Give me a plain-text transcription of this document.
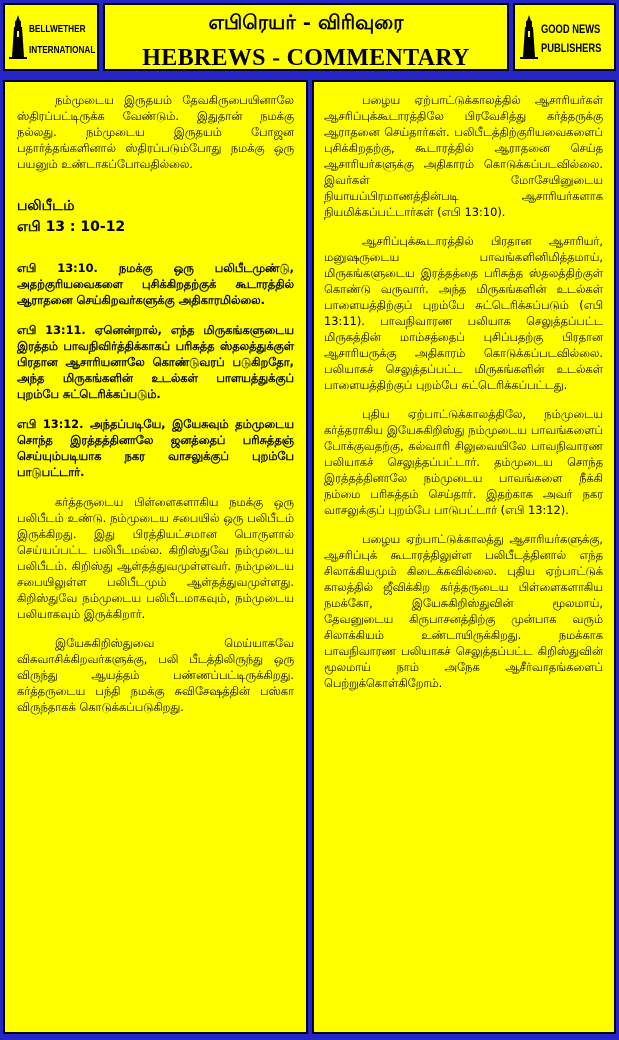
BELLWETHER
INTERNATIONAL
எபிரெயர் - விரிவுரை
HEBREWS - COMMENTARY
GOOD NEWS
PUBLISHERS

நம்முடைய இருதயம் தேவகிருபையினாலே ஸ்திரப்பட்டிருக்க வேண்டும். இதுதான் நமக்கு நல்லது. நம்முடைய இருதயம் போஜன பதார்த்தங்களினால் ஸ்திரப்படும்போது நமக்கு ஒரு பயனும் உண்டாகப்போவதில்லை.

பலிபீடம்
எபி 13 : 10-12

எபி 13:10. நமக்கு ஒரு பலிபீடமுண்டு, அதற்குரியவைகளை புசிக்கிறதற்குக் கூடாரத்தில் ஆராதனை செய்கிறவர்களுக்கு அதிகாரமில்லை.

எபி 13:11. ஏனென்றால், எந்த மிருகங்களுடைய இரத்தம் பாவநிவிர்த்திக்காகப் பரிசுத்த ஸ்தலத்துக்குள் பிரதான ஆசாரியனாலே கொண்டுவரப் படுகிறதோ, அந்த மிருகங்களின் உடல்கள் பாளயத்துக்குப் புறம்பே சுட்டெரிக்கப்படும்.

எபி 13:12. அந்தப்படியே, இயேசுவும் தம்முடைய சொந்த இரத்தத்தினாலே ஜனத்தைப் பரிசுத்தஞ் செய்யும்படியாக நகர வாசலுக்குப் புறம்பே பாடுபட்டார்.

கர்த்தருடைய பிள்ளைகளாகிய நமக்கு ஒரு பலிபீடம் உண்டு. நம்முடைய சபையில் ஒரு பலிபீடம் இருக்கிறது. இது பிரத்தியட்சமான பொருளால் செய்யப்பட்ட பலிபீடமல்ல. கிறிஸ்துவே நம்முடைய பலிபீடம். கிறிஸ்து ஆள்தத்துவமுள்ளவர். நம்முடைய சபையிலுள்ள பலிபீடமும் ஆள்தத்துவமுள்ளது. கிறிஸ்துவே நம்முடைய பலிபீடமாகவும், நம்முடைய பலியாகவும் இருக்கிறார்.

இயேசுகிறிஸ்துவை மெய்யாகவே விசுவாசிக்கிறவர்களுக்கு, பலி பீடத்திலிருந்து ஒரு விருந்து ஆயத்தம் பண்ணப்பட்டிருக்கிறது. கர்த்தருடைய பந்தி நமக்கு சுவிசேஷத்தின் பஸ்கா விருந்தாகக் கொடுக்கப்படுகிறது.

பழைய ஏற்பாட்டுக்காலத்தில் ஆசாரியர்கள் ஆசரிப்புக்கூடாரத்திலே பிரவேசித்து கர்த்தருக்கு ஆராதனை செய்தார்கள். பலிபீடத்திற்குரியவைகளைப் புசிக்கிறதற்கு, கூடாரத்தில் ஆராதனை செய்த ஆசாரியர்களுக்கு அதிகாரம் கொடுக்கப்படவில்லை. இவர்கள் மோசேயினுடைய நியாயப்பிரமாணத்தின்படி ஆசாரியர்களாக நியமிக்கப்பட்டார்கள் (எபி 13:10).

ஆசரிப்புக்கூடாரத்தில் பிரதான ஆசாரியர், மனுஷருடைய பாவங்களினிமித்தமாய், மிருகங்களுடைய இரத்தத்தை பரிசுத்த ஸ்தலத்திற்குள் கொண்டு வருவார். அந்த மிருகங்களின் உடல்கள் பாளையத்திற்குப் புறம்பே சுட்டெரிக்கப்படும் (எபி 13:11). பாவநிவாரண பலியாக செலுத்தப்பட்ட மிருகத்தின் மாம்சத்தைப் புசிப்பதற்கு பிரதான ஆசாரியருக்கு அதிகாரம் கொடுக்கப்படவில்லை. பலியாகச் செலுத்தப்பட்ட மிருகங்களின் உடல்கள் பாளையத்திற்குப் புறம்பே சுட்டெரிக்கப்பட்டது.

புதிய ஏற்பாட்டுக்காலத்திலே, நம்முடைய கர்த்தராகிய இயேசுகிறிஸ்து நம்முடைய பாவங்களைப் போக்குவதற்கு, கல்வாரி சிலுவையிலே பாவநிவாரண பலியாகச் செலுத்தப்பட்டார். தம்முடைய சொந்த இரத்தத்தினாலே நம்முடைய பாவங்களை நீக்கி நம்மை பரிசுத்தம் செய்தார். இதற்காக அவர் நகர வாசலுக்குப் புறம்பே பாடுபட்டார் (எபி 13:12).

பழைய ஏற்பாட்டுக்காலத்து ஆசாரியர்களுக்கு, ஆசரிப்புக் கூடாரத்திலுள்ள பலிபீடத்தினால் எந்த சிலாக்கியமும் கிடைக்கவில்லை. புதிய ஏற்பாட்டுக் காலத்தில் ஜீவிக்கிற கர்த்தருடைய பிள்ளைகளாகிய நமக்கோ, இயேசுகிறிஸ்துவின் மூலமாய், தேவனுடைய கிருபாசனத்திற்கு முன்பாக வரும் சிலாக்கியம் உண்டாயிருக்கிறது. நமக்காக பாவநிவாரண பலியாகச் செலுத்தப்பட்ட கிறிஸ்துவின் மூலமாய் நாம் அநேக ஆசீர்வாதங்களைப் பெற்றுக்கொள்கிறோம்.
